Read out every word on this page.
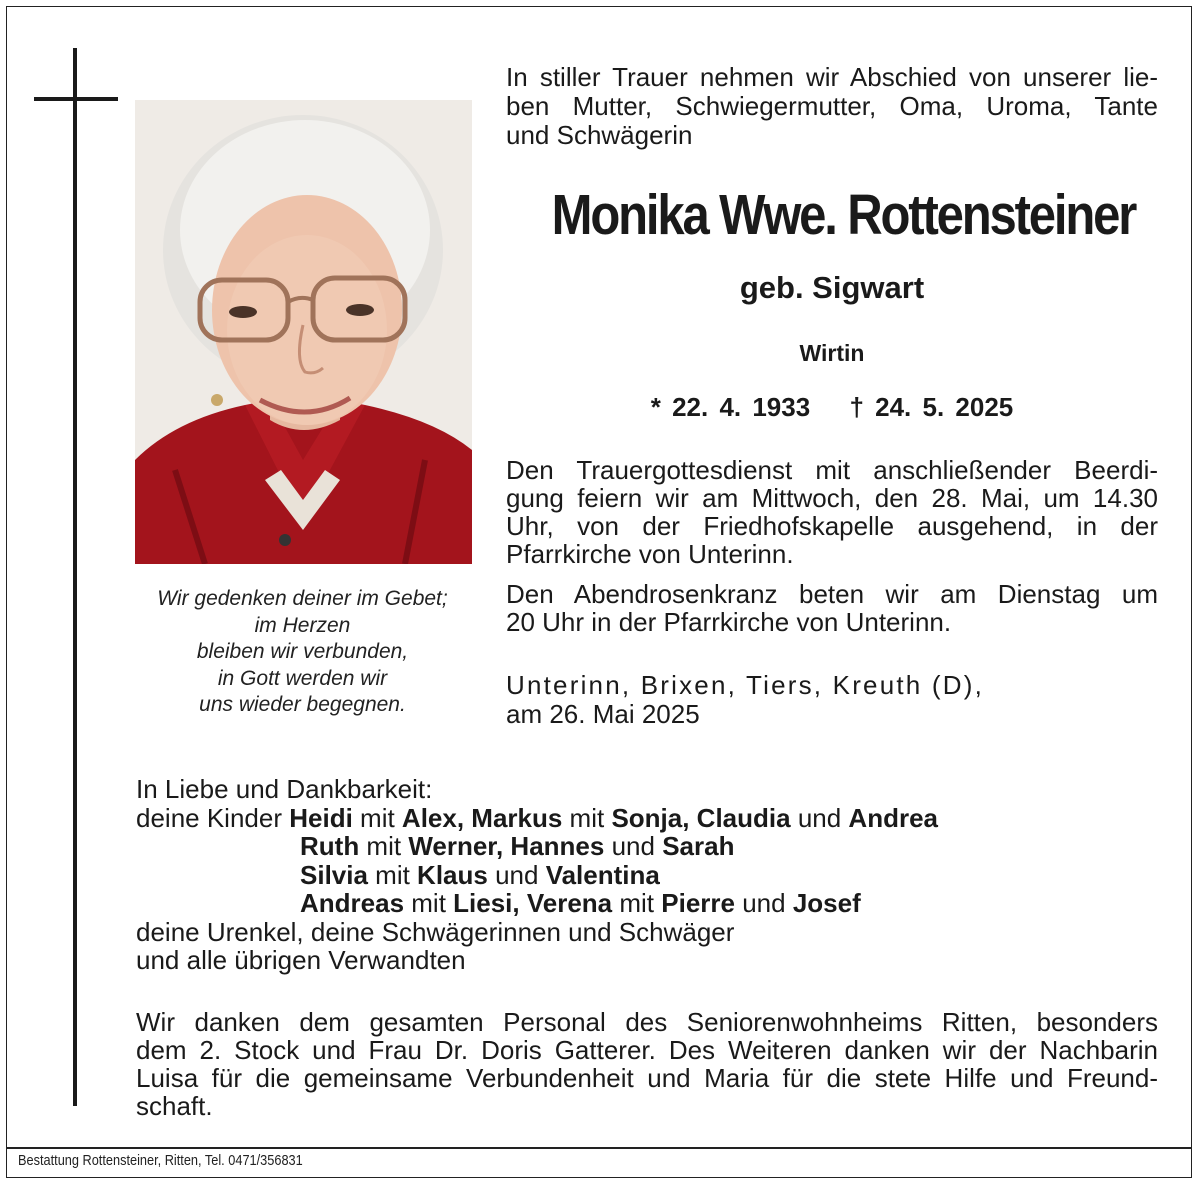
Wir gedenken deiner im Gebet;
im Herzen
bleiben wir verbunden,
in Gott werden wir
uns wieder begegnen.
In stiller Trauer nehmen wir Abschied von unserer lie-
ben Mutter, Schwiegermutter, Oma, Uroma, Tante
und Schwägerin
Monika Wwe. Rottensteiner
geb. Sigwart
Wirtin
* 22. 4. 1933 † 24. 5. 2025
Den Trauergottesdienst mit anschließender Beerdi-
gung feiern wir am Mittwoch, den 28. Mai, um 14.30
Uhr, von der Friedhofskapelle ausgehend, in der
Pfarrkirche von Unterinn.
Den Abendrosenkranz beten wir am Dienstag um
20 Uhr in der Pfarrkirche von Unterinn.
Unterinn, Brixen, Tiers, Kreuth (D),
am 26. Mai 2025
In Liebe und Dankbarkeit:
deine Kinder Heidi mit Alex, Markus mit Sonja, Claudia und Andrea
Ruth mit Werner, Hannes und Sarah
Silvia mit Klaus und Valentina
Andreas mit Liesi, Verena mit Pierre und Josef
deine Urenkel, deine Schwägerinnen und Schwäger
und alle übrigen Verwandten
Wir danken dem gesamten Personal des Seniorenwohnheims Ritten, besonders
dem 2. Stock und Frau Dr. Doris Gatterer. Des Weiteren danken wir der Nachbarin
Luisa für die gemeinsame Verbundenheit und Maria für die stete Hilfe und Freund-
schaft.
Bestattung Rottensteiner, Ritten, Tel. 0471/356831
